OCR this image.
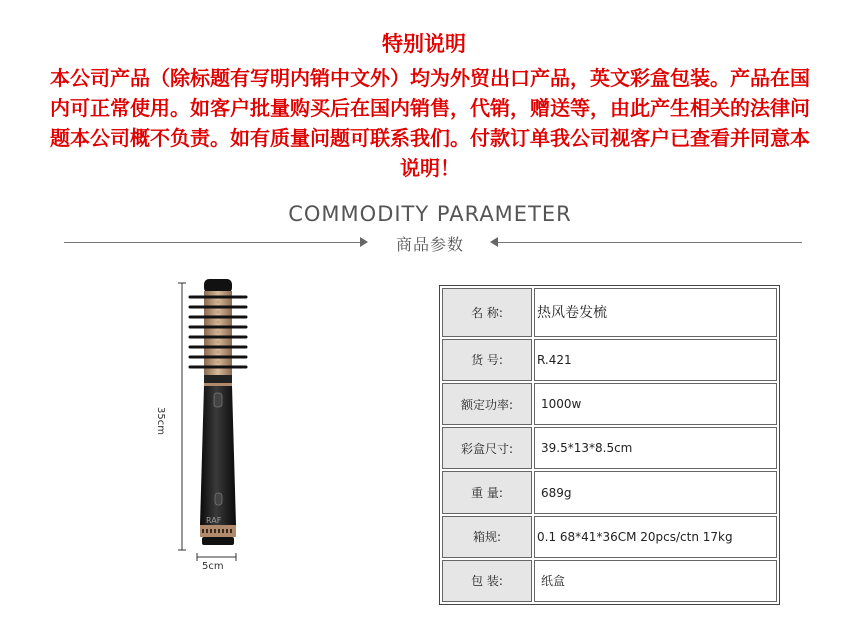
特别说明
本公司产品（除标题有写明内销中文外）均为外贸出口产品，英文彩盒包装。产品在国内可正常使用。如客户批量购买后在国内销售，代销，赠送等，由此产生相关的法律问题本公司概不负责。如有质量问题可联系我们。付款订单我公司视客户已查看并同意本说明！
COMMODITY PARAMETER
商品参数
RAF
35cm
5cm
名 称:	热风卷发梳
货 号:	R.421
额定功率:	1000w
彩盒尺寸:	39.5*13*8.5cm
重 量:	689g
箱规:	0.1 68*41*36CM 20pcs/ctn 17kg
包 装:	纸盒
